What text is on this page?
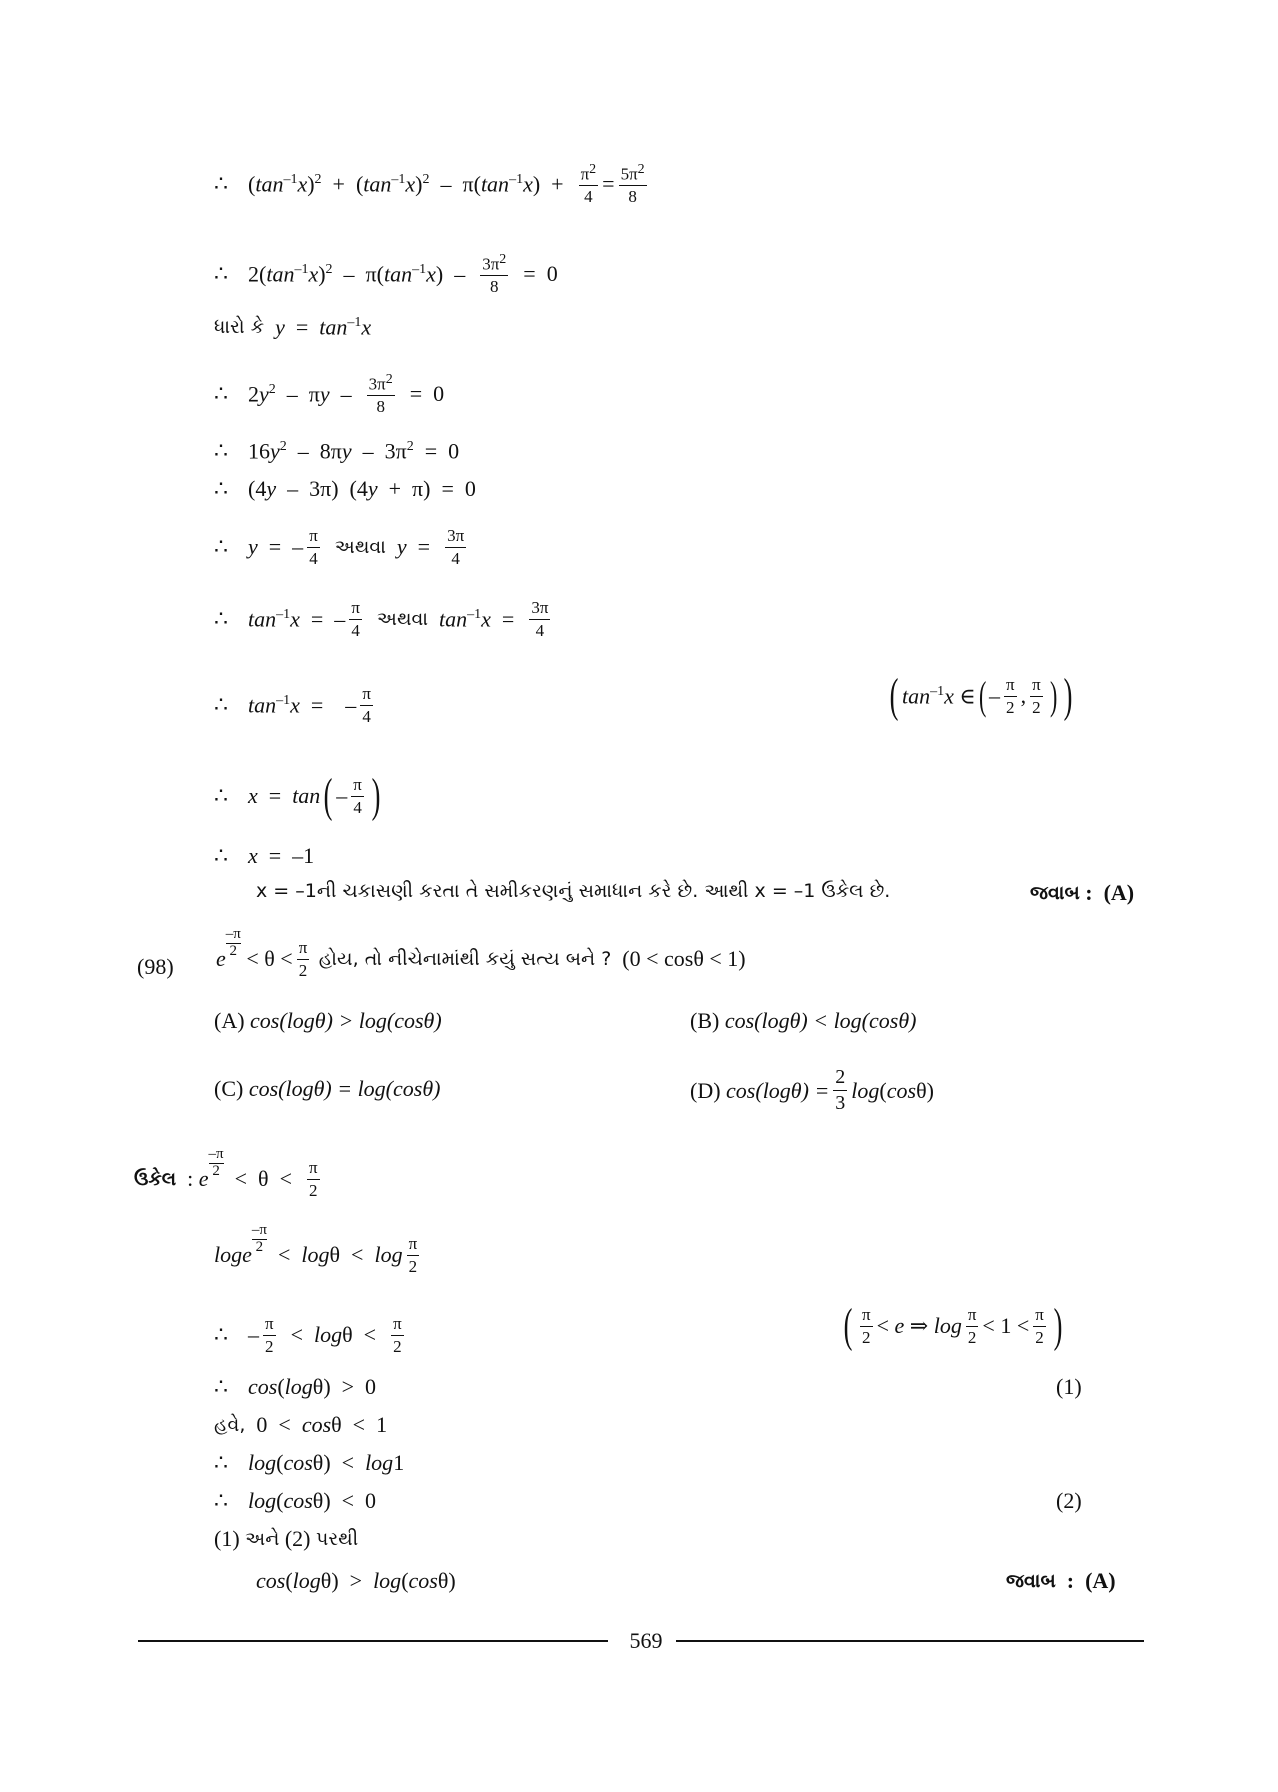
∴ $(\tan^{-1}x)^2 + (\tan^{-1}x)^2 - \pi(\tan^{-1}x) + \frac{\pi^2}{4} = \frac{5\pi^2}{8}$
∴ $2(\tan^{-1}x)^2 - \pi(\tan^{-1}x) - \frac{3\pi^2}{8} = 0$
ધારો કે $y = \tan^{-1}x$
∴ $2y^2 - \pi y - \frac{3\pi^2}{8} = 0$
∴ $16y^2 - 8\pi y - 3\pi^2 = 0$
∴ (4y  –  3π)  (4y  +  π)  =  0
∴ y  =  – $\frac{\pi}{4}$
અથવા $y = \frac{3\pi}{4}$
∴ $\tan^{-1}x$  =  – $\frac{\pi}{4}$
અથવા $\tan^{-1}x = \frac{3\pi}{4}$
∴ $\tan^{-1}x$  =    – $\frac{\pi}{4}$	( $\tan^{-1}x$ ∈ ( – $\frac{\pi}{2}$ , $\frac{\pi}{2}$ ) )
∴ x  =  tan ( – $\frac{\pi}{4}$ )
∴ x  =  –1
x = –1ની ચકાસણી કરતા તે સમીકરણનું સમાધાન કરે છે. આથી x = –1 ઉકેલ છે.	જવાબ : (A)
(98) e
–π
$2 < \theta < \frac{\pi}{2}$
હોય, તો નીચેનામાંથી કયું સત્ય બને ?
(0 < cosθ < 1)
(A)
cos(logθ) > log(cosθ)	(B)
cos(logθ) < log(cosθ)
(C)
cos(logθ) = log(cosθ)	(D)
$\cos(\log\theta) = \frac{2}{3} \log(\cos\theta)$
ઉકેલ : e
–π
$2 < \theta < \frac{\pi}{2}$
loge
–π
$2 < \log\theta < \log \frac{\pi}{2}$
∴ – $\frac{\pi}{2} < \log\theta < \frac{\pi}{2}$	( $\frac{\pi}{2} < e$ ⇒ $\log \frac{\pi}{2} < 1 < \frac{\pi}{2}$ )
∴ cos(logθ)  >  0	(1)
હવે, 0  <  cosθ  <  1
∴ log(cosθ)  <  log1
∴ log(cosθ)  <  0	(2)
(1)
અને
(2)
પરથી
cos(logθ)  >  log(cosθ)	જવાબ : (A)
569
